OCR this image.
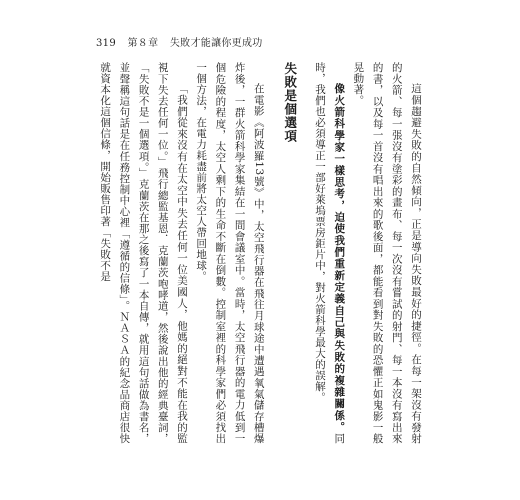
319 第８章 失敗才能讓你更成功

這個趨避失敗的自然傾向，正是導向失敗最好的捷徑。在每一架沒有發射的火箭、每一張沒有塗彩的畫布、每一次沒有嘗試的射門、每一本沒有寫出來的書，以及每一首沒有唱出來的歌後面，都能看到對失敗的恐懼正如鬼影一般晃動著。

像火箭科學家一樣思考，迫使我們重新定義自己與失敗的複雜關係。同時，我們也必須導正一部好萊塢票房鉅片中，對火箭科學最大的誤解。

失敗是個選項

在電影《阿波羅13號》中，太空飛行器在飛往月球途中遭遇氧氣儲存槽爆炸後，一群火箭科學家集結在一間會議室中。當時，太空飛行器的電力低到一個危險的程度，太空人剩下的生命不斷在倒數。控制室裡的科學家們必須找出一個方法，在電力耗盡前將太空人帶回地球。

「我們從來沒有在太空中失去任何一位美國人，他媽的絕對不能在我的監視下失去任何一位。」飛行總監基恩．克蘭茨咆哮道，然後說出他的經典臺詞，「失敗不是一個選項。」克蘭茨在那之後寫了一本自傳，就用這句話做為書名，並聲稱這句話是在任務控制中心裡「遵循的信條」。ＮＡＳＡ的紀念品商店很快就資本化這個信條，開始販售印著「失敗不是
